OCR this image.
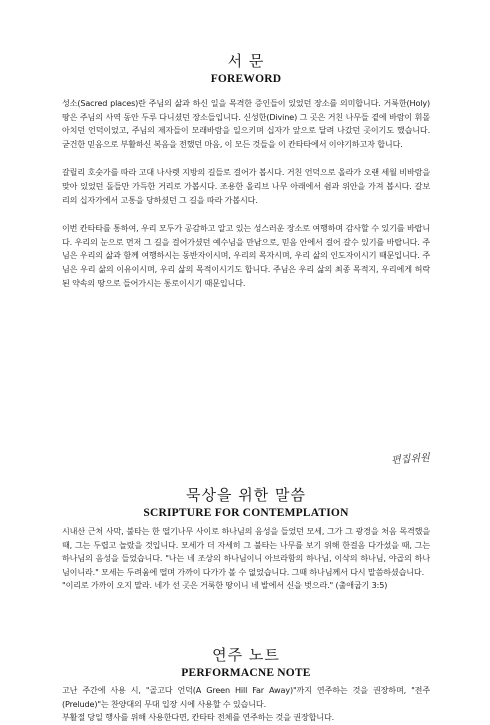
서 문
FOREWORD

성소(Sacred places)란 주님의 삶과 하신 일을 목격한 증인들이 있었던 장소를 의미합니다. 거룩한(Holy) 땅은 주님의 사역 동안 두루 다니셨던 장소들입니다. 신성한(Divine) 그 곳은 거친 나무들 곁에 바람이 휘몰아치던 언덕이었고, 주님의 제자들이 모래바람을 일으키며 십자가 앞으로 달려 나갔던 곳이기도 했습니다. 굳건한 믿음으로 부활하신 복음을 전했던 마음, 이 모든 것들을 이 칸타타에서 이야기하고자 합니다.

갈릴리 호숫가를 따라 고대 나사렛 지방의 길들로 걸어가 봅시다. 거친 언덕으로 올라가 오랜 세월 비바람을 맞아 있었던 돌들만 가득한 거리로 가봅시다. 조용한 올리브 나무 아래에서 쉼과 위안을 가져 봅시다. 갈보리의 십자가에서 고통을 당하셨던 그 길을 따라 가봅시다.

이번 칸타타를 통하여, 우리 모두가 공감하고 알고 있는 성스러운 장소로 여행하며 감사할 수 있기를 바랍니다. 우리의 눈으로 먼저 그 길을 걸어가셨던 예수님을 만남으로, 믿음 안에서 걸어 갈수 있기를 바랍니다. 주님은 우리의 삶과 함께 여행하시는 동반자이시며, 우리의 목자시며, 우리 삶의 인도자이시기 때문입니다. 주님은 우리 삶의 이유이시며, 우리 삶의 목적이시기도 합니다. 주님은 우리 삶의 최종 목적지, 우리에게 허락된 약속의 땅으로 들어가시는 통로이시기 때문입니다.

편집위원
묵상을 위한 말씀
SCRIPTURE FOR CONTEMPLATION

시내산 근처 사막, 불타는 한 떨기나무 사이로 하나님의 음성을 들었던 모세, 그가 그 광경을 처음 목격했을 때, 그는 두렵고 놀랐을 것입니다. 모세가 더 자세히 그 불타는 나무를 보기 위해 한걸음 다가섰을 때, 그는 하나님의 음성을 들었습니다. "나는 네 조상의 하나님이니 아브라함의 하나님, 이삭의 하나님, 야곱의 하나님이니라." 모세는 두려움에 떨며 가까이 다가가 볼 수 없었습니다. 그때 하나님께서 다시 말씀하셨습니다.

"이리로 가까이 오지 말라. 네가 선 곳은 거룩한 땅이니 네 발에서 신을 벗으라." (출애굽기 3:5)

연주 노트
PERFORMACNE NOTE

고난 주간에 사용 시, "골고다 언덕(A Green Hill Far Away)"까지 연주하는 것을 권장하며, "전주(Prelude)"는 찬양대의 무대 입장 시에 사용할 수 있습니다.

부활절 당일 행사를 위해 사용한다면, 칸타타 전체를 연주하는 것을 권장합니다.
